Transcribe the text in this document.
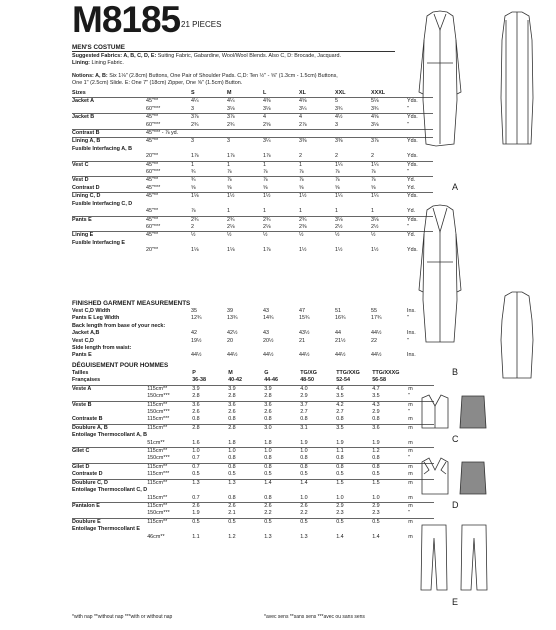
M8185 21 PIECES
MEN'S COSTUME
Suggested Fabrics: A, B, C, D, E: Suiting Fabric, Gabardine, Wool/Wool Blends. Also C, D: Brocade, Jacquard.
Lining: Lining Fabric.
Notions: A, B: Six 1⅛" (2.8cm) Buttons, One Pair of Shoulder Pads. C,D: Ten ½" - ⅝" (1.3cm - 1.5cm) Buttons,
One 1" (2.5cm) Slide. E: One 7" (18cm) Zipper, One ⅝" (1.5cm) Button.
Sizes		S	M	L	XL	XXL	XXXL	
Jacket A	45"**	4¼	4¼	4⅜	4⅝	5	5⅛	Yds.
	60"***	3	3⅛	3⅛	3¼	3¾	3¾	"
Jacket B	45"**	3⅞	3⅞	4	4	4½	4⅝	Yds.
	60"***	2¾	2¾	2⅝	2⅞	3	3⅛	"
Contrast B	45"*** - ⅞ yd.							
Lining A, B	45"**	3	3	3¼	3⅜	3⅜	3⅞	Yds.
Fusible Interfacing A, B								
	20"**	1⅞	1⅞	1⅞	2	2	2	Yds.
Vest C	45"**	1	1	1	1	1¼	1¼	Yds.
	60"***	¾	⅞	⅞	⅞	⅞	⅞	"
Vest D	45"**	¾	⅞	⅞	⅞	⅞	⅞	Yd.
Contrast D	45"***	⅝	⅝	⅝	⅝	⅝	⅝	Yd.
Lining C, D	45"**	1⅛	1½	1½	1½	1¼	1¼	Yds.
Fusible Interfacing C, D								
	45"**	⅞	1	1	1	1	1	Yd.
Pants E	45"**	2¾	2¾	2¾	2¾	3⅛	3⅛	Yds.
	60"***	2	2⅛	2⅛	2⅜	2½	2½	"
Lining E	45"**	½	½	½	½	½	½	Yd.
Fusible Interfacing E								
	20"**	1⅛	1⅛	1⅞	1½	1½	1½	Yds.
FINISHED GARMENT MEASUREMENTS
Vest C,D Width	35	39	43	47	51	55	Ins.
Pants E Leg Width	12¾	13¾	14¾	15¾	16¾	17¾	"
Back length from base of your neck:							
Jacket A,B	42	42½	43	43½	44	44½	Ins.
Vest C,D	19½	20	20½	21	21½	22	"
Side length from waist:							
Pants E	44½	44½	44½	44½	44½	44½	Ins.
DÉGUISEMENT POUR HOMMES
Tailles		P	M	G	TG/XG	TTG/XXG	TTG/XXXG	
Françaises		36-38	40-42	44-46	48-50	52-54	56-58	
Veste A	115cm**	3.9	3.9	3.9	4.0	4.6	4.7	m
	150cm***	2.8	2.8	2.8	2.9	3.5	3.5	"
Veste B	115cm**	3.6	3.6	3.6	3.7	4.2	4.3	m
	150cm***	2.6	2.6	2.6	2.7	2.7	2.9	"
Contraste B	115cm***	0.8	0.8	0.8	0.8	0.8	0.8	m
Doublure A, B	115cm**	2.8	2.8	3.0	3.1	3.5	3.6	m
Entoilage Thermocollant A, B								
	51cm**	1.6	1.8	1.8	1.9	1.9	1.9	m
Gilet C	115cm**	1.0	1.0	1.0	1.0	1.1	1.2	m
	150cm***	0.7	0.8	0.8	0.8	0.8	0.8	"
Gilet D	115cm**	0.7	0.8	0.8	0.8	0.8	0.8	m
Contraste D	115cm***	0.5	0.5	0.5	0.5	0.5	0.5	m
Doublure C, D	115cm**	1.3	1.3	1.4	1.4	1.5	1.5	m
Entoilage Thermocollant C, D								
	115cm**	0.7	0.8	0.8	1.0	1.0	1.0	m
Pantalon E	115cm**	2.6	2.6	2.6	2.6	2.9	2.9	m
	150cm***	1.9	2.1	2.2	2.2	2.3	2.3	"
Doublure E	115cm**	0.5	0.5	0.5	0.5	0.5	0.5	m
Entoilage Thermocollant E								
	46cm**	1.1	1.2	1.3	1.3	1.4	1.4	m
*with nap **without nap ***with or without nap	*avec sens **sans sens ***avec ou sans sens
A
B
C
D
E
